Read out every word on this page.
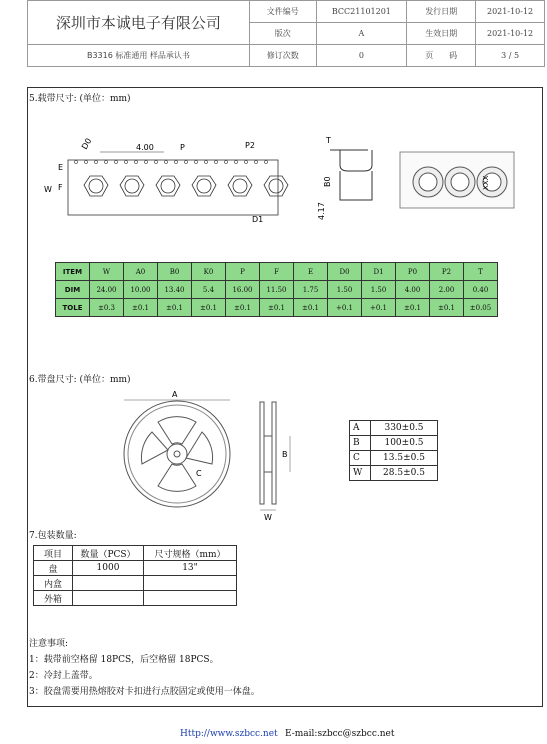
深圳市本诚电子有限公司	文件编号	BCC21101201	发行日期	2021-10-12
	版次	A	生效日期	2021-10-12
B3316 标准通用 样品承认书	修订次数	0	页　　码	3 / 5
5.载带尺寸: (单位：mm)
4.00	P	P2
D0
E
F
W
D1
T
B0
4.17
XXX
ITEM	W	A0	B0	K0	P	F	E	D0	D1	P0	P2	T
DIM	24.00	10.00	13.40	5.4	16.00	11.50	1.75	1.50	1.50	4.00	2.00	0.40
TOLE	±0.3	±0.1	±0.1	±0.1	±0.1	±0.1	±0.1	+0.1	+0.1	±0.1	±0.1	±0.05
6.带盘尺寸: (单位：mm)
A
C
B
W
A	330±0.5
B	100±0.5
C	13.5±0.5
W	28.5±0.5
7.包装数量:
项目	数量（PCS）	尺寸规格（mm）
盘	1000	13"
内盒		
外箱		
注意事项:
1：载带前空格留 18PCS，后空格留 18PCS。
2：冷封上盖带。
3：胶盘需要用热熔胶对卡扣进行点胶固定或使用一体盘。
Http://www.szbcc.net E-mail:szbcc@szbcc.net
